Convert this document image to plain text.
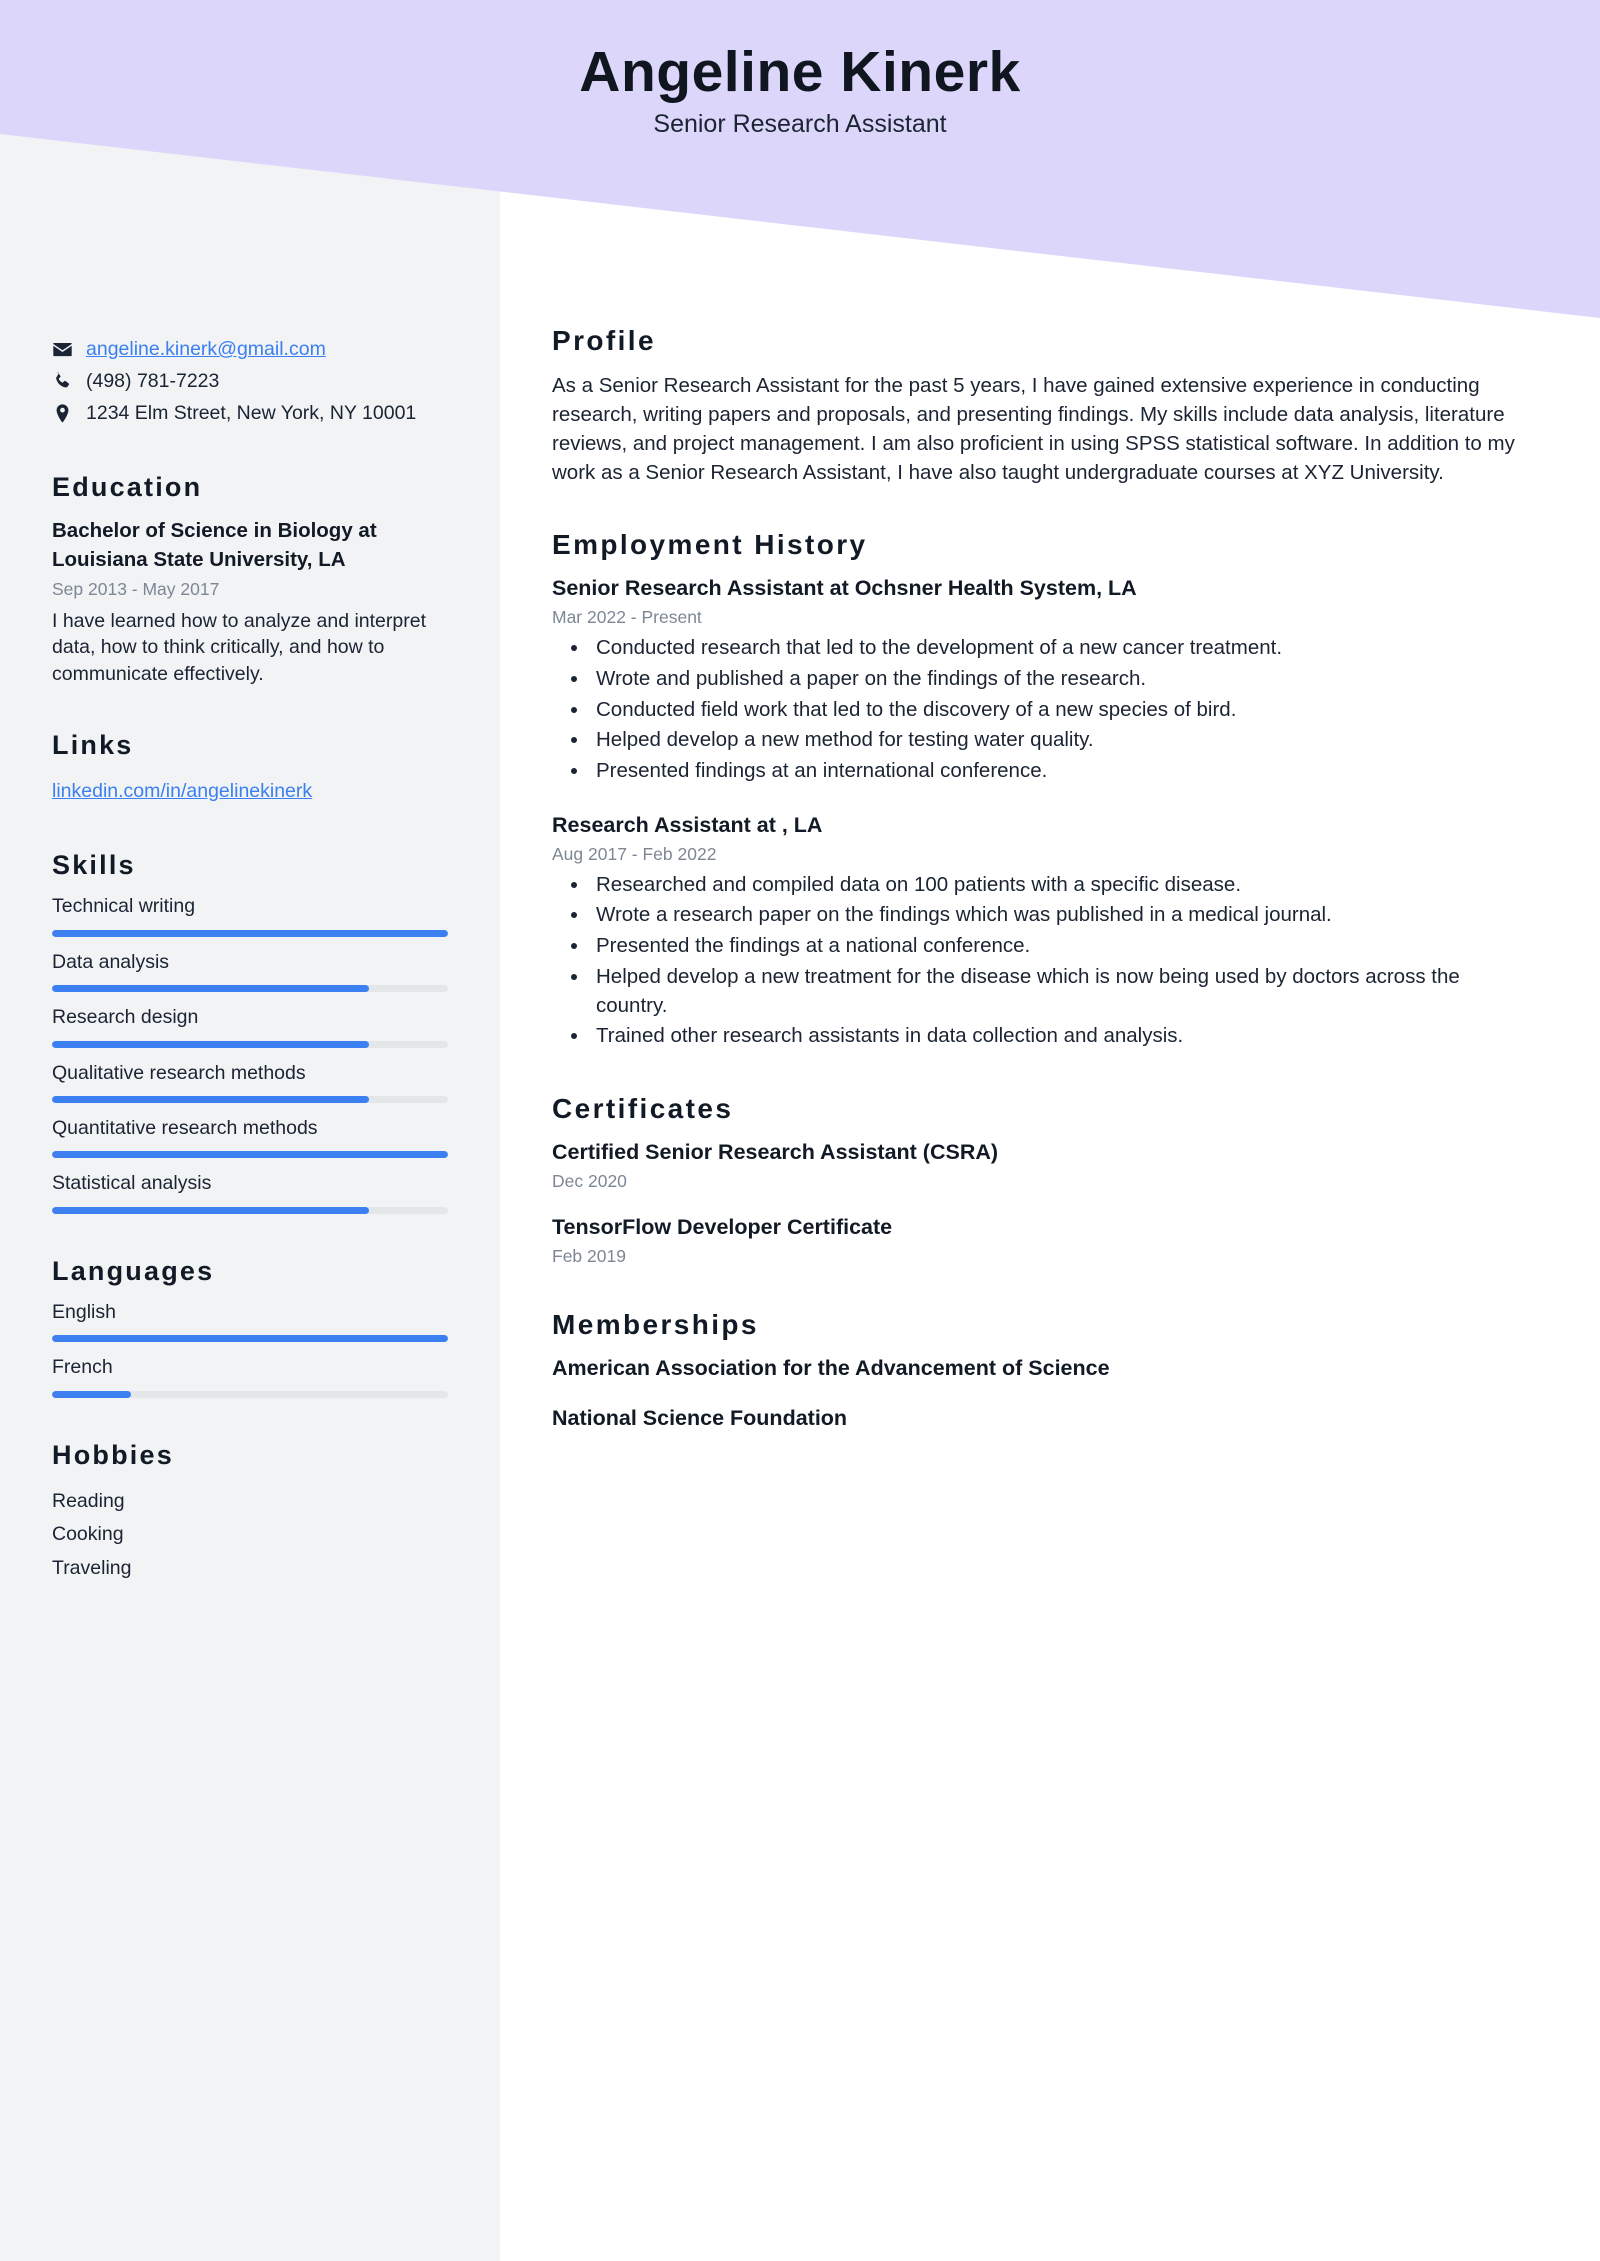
Angeline Kinerk

Senior Research Assistant

angeline.kinerk@gmail.com
(498) 781-7223
1234 Elm Street, New York, NY 10001
Education

Bachelor of Science in Biology at Louisiana State University, LA

Sep 2013 - May 2017

I have learned how to analyze and interpret data, how to think critically, and how to communicate effectively.

Links
linkedin.com/in/angelinekinerk
Skills
Technical writing
Data analysis
Research design
Qualitative research methods
Quantitative research methods
Statistical analysis
Languages
English
French
Hobbies
Reading
Cooking
Traveling
Profile

As a Senior Research Assistant for the past 5 years, I have gained extensive experience in conducting research, writing papers and proposals, and presenting findings. My skills include data analysis, literature reviews, and project management. I am also proficient in using SPSS statistical software. In addition to my work as a Senior Research Assistant, I have also taught undergraduate courses at XYZ University.

Employment History

Senior Research Assistant at Ochsner Health System, LA

Mar 2022 - Present

• Conducted research that led to the development of a new cancer treatment.
• Wrote and published a paper on the findings of the research.
• Conducted field work that led to the discovery of a new species of bird.
• Helped develop a new method for testing water quality.
• Presented findings at an international conference.

Research Assistant at , LA

Aug 2017 - Feb 2022

• Researched and compiled data on 100 patients with a specific disease.
• Wrote a research paper on the findings which was published in a medical journal.
• Presented the findings at a national conference.
• Helped develop a new treatment for the disease which is now being used by doctors across the country.
• Trained other research assistants in data collection and analysis.
Certificates

Certified Senior Research Assistant (CSRA)

Dec 2020

TensorFlow Developer Certificate

Feb 2019

Memberships

American Association for the Advancement of Science

National Science Foundation
